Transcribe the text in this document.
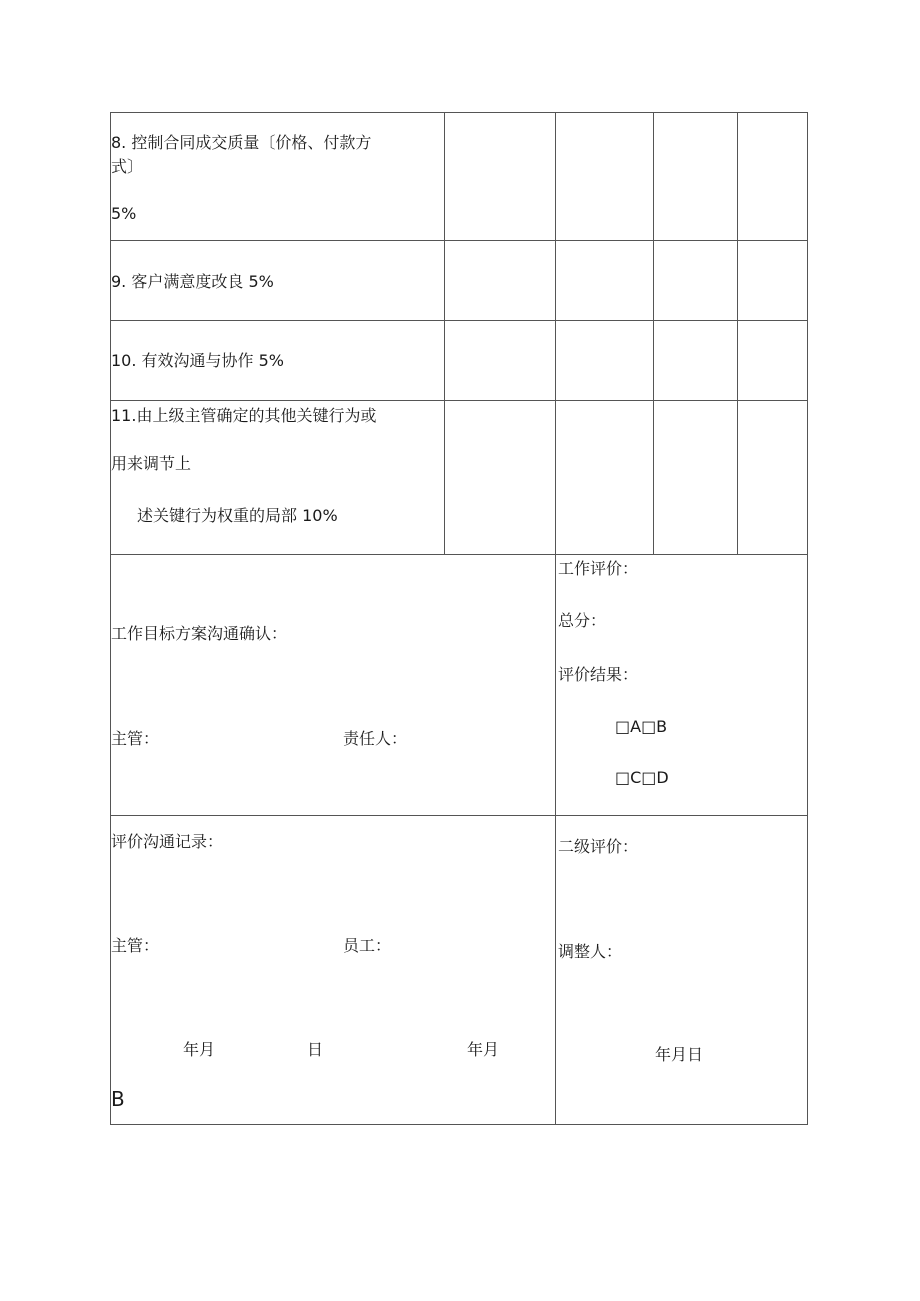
8. 控制合同成交质量〔价格、付款方
式〕
5%
9. 客户满意度改良 5%
10. 有效沟通与协作 5%
11.由上级主管确定的其他关键行为或
用来调节上
述关键行为权重的局部 10%
工作目标方案沟通确认：
主管：	责任人：
工作评价：
总分：
评价结果：
□A□B
□C□D
评价沟通记录：
主管：	员工：
年月	日	年月
B
二级评价：
调整人：
年月日
